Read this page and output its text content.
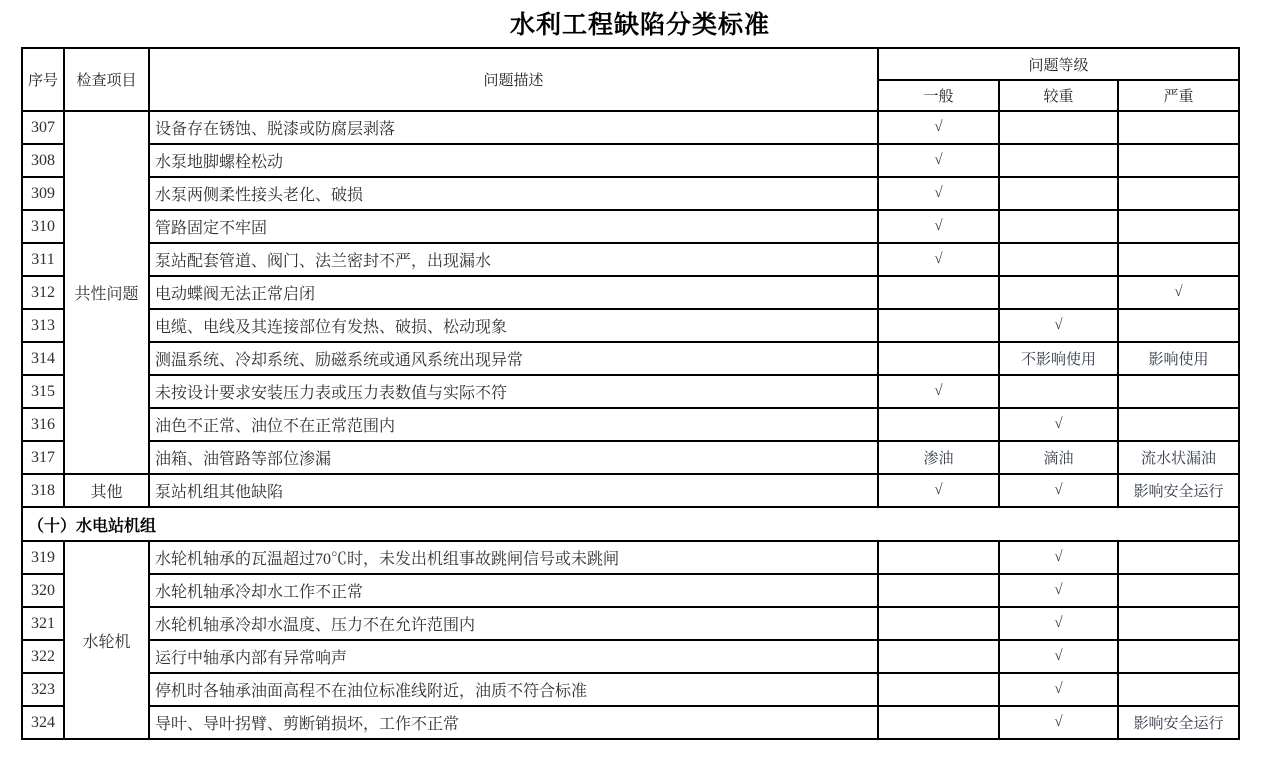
水利工程缺陷分类标准
序号	检查项目	问题描述	问题等级		
			一般	较重	严重
307	共性问题	设备存在锈蚀、脱漆或防腐层剥落	√		
308		水泵地脚螺栓松动	√		
309		水泵两侧柔性接头老化、破损	√		
310		管路固定不牢固	√		
311		泵站配套管道、阀门、法兰密封不严，出现漏水	√		
312		电动蝶阀无法正常启闭			√
313		电缆、电线及其连接部位有发热、破损、松动现象		√	
314		测温系统、冷却系统、励磁系统或通风系统出现异常		不影响使用	影响使用
315		未按设计要求安装压力表或压力表数值与实际不符	√		
316		油色不正常、油位不在正常范围内		√	
317		油箱、油管路等部位渗漏	渗油	滴油	流水状漏油
318	其他	泵站机组其他缺陷	√	√	影响安全运行
（十）水电站机组					
319	水轮机	水轮机轴承的瓦温超过70℃时，未发出机组事故跳闸信号或未跳闸		√	
320		水轮机轴承冷却水工作不正常		√	
321		水轮机轴承冷却水温度、压力不在允许范围内		√	
322		运行中轴承内部有异常响声		√	
323		停机时各轴承油面高程不在油位标准线附近，油质不符合标准		√	
324		导叶、导叶拐臂、剪断销损坏，工作不正常		√	影响安全运行
